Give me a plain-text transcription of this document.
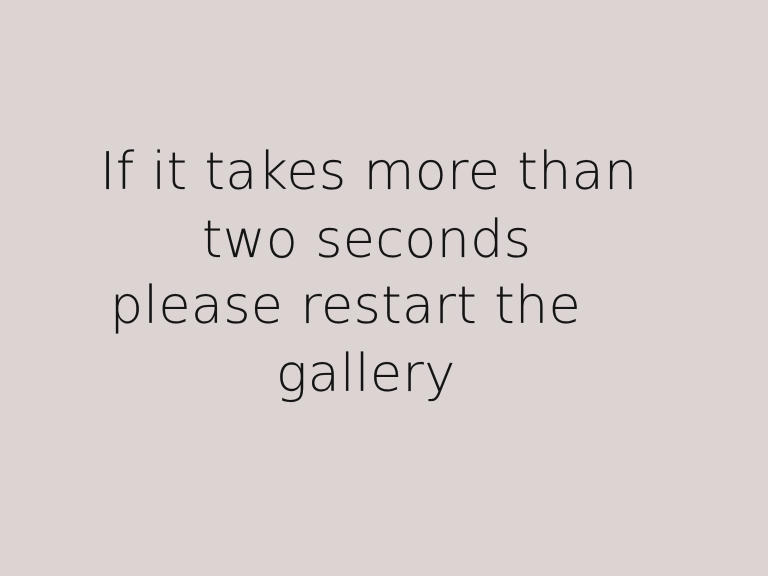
If it takes more than
two seconds
please restart the
gallery
